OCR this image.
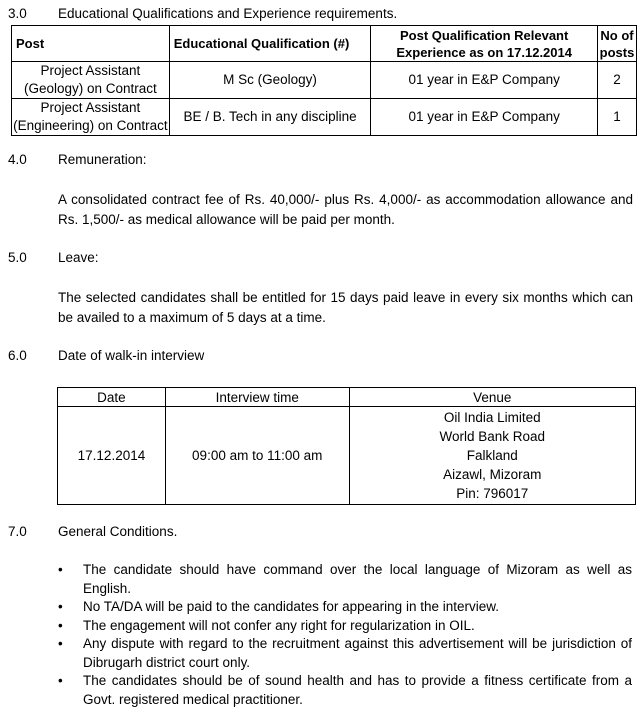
3.0 Educational Qualifications and Experience requirements.
Post	Educational Qualification (#)	Post Qualification Relevant Experience as on 17.12.2014	No of posts
Project Assistant (Geology) on Contract	M Sc (Geology)	01 year in E&P Company	2
Project Assistant (Engineering) on Contract	BE / B. Tech in any discipline	01 year in E&P Company	1
4.0 Remuneration:

A consolidated contract fee of Rs. 40,000/- plus Rs. 4,000/- as accommodation allowance and Rs. 1,500/- as medical allowance will be paid per month.

5.0 Leave:

The selected candidates shall be entitled for 15 days paid leave in every six months which can be availed to a maximum of 5 days at a time.

6.0 Date of walk-in interview
Date	Interview time	Venue
17.12.2014	09:00 am to 11:00 am	Oil India Limited
World Bank Road
Falkland
Aizawl, Mizoram
Pin: 796017
7.0 General Conditions.
• The candidate should have command over the local language of Mizoram as well as English.
• No TA/DA will be paid to the candidates for appearing in the interview.
• The engagement will not confer any right for regularization in OIL.
• Any dispute with regard to the recruitment against this advertisement will be jurisdiction of Dibrugarh district court only.
• The candidates should be of sound health and has to provide a fitness certificate from a Govt. registered medical practitioner.
